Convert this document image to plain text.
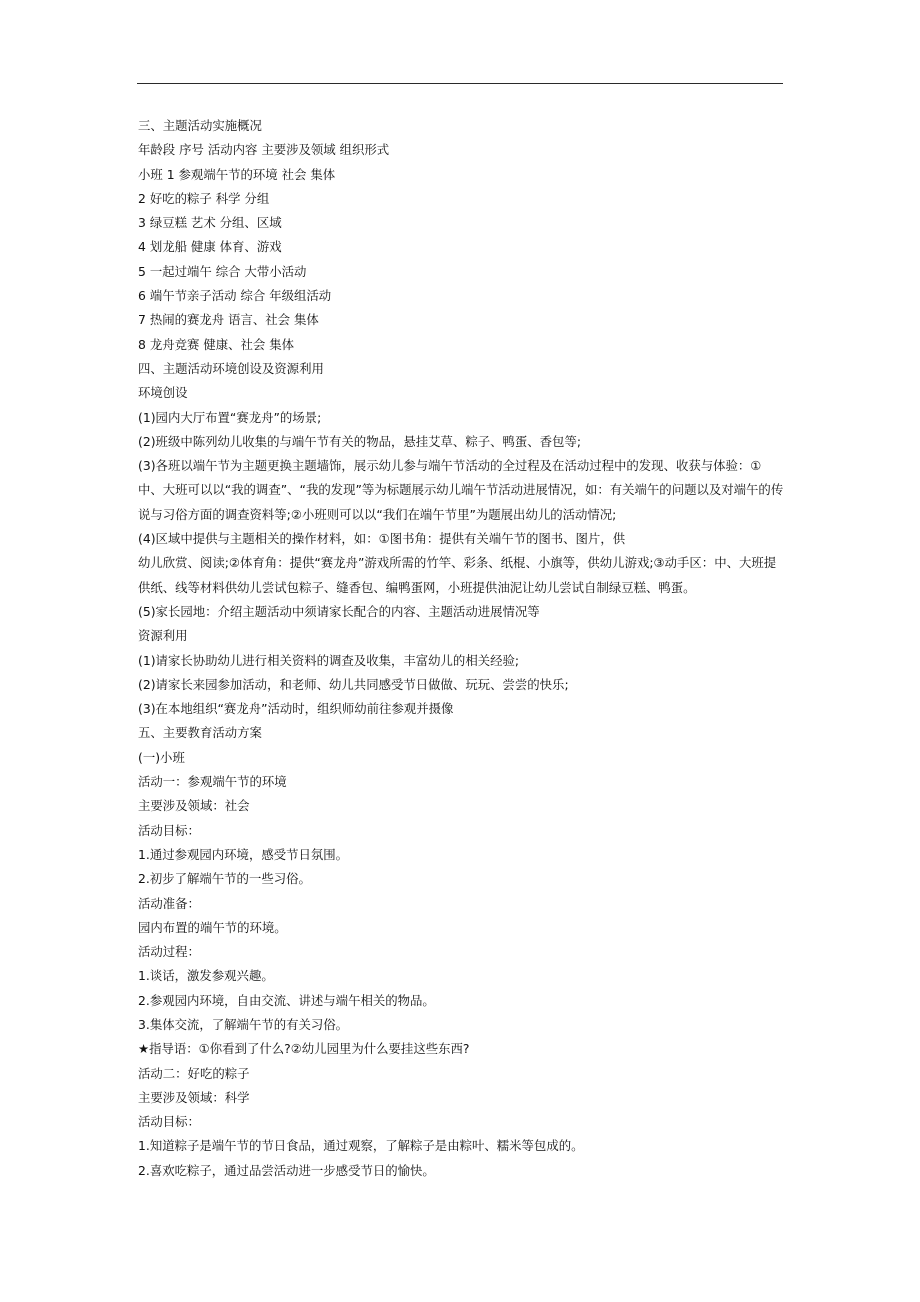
三、主题活动实施概况

年龄段 序号 活动内容 主要涉及领域 组织形式

小班 1 参观端午节的环境 社会 集体

2 好吃的粽子 科学 分组

3 绿豆糕 艺术 分组、区域

4 划龙船 健康 体育、游戏

5 一起过端午 综合 大带小活动

6 端午节亲子活动 综合 年级组活动

7 热闹的赛龙舟 语言、社会 集体

8 龙舟竞赛 健康、社会 集体

四、主题活动环境创设及资源利用

环境创设

(1)园内大厅布置“赛龙舟”的场景;

(2)班级中陈列幼儿收集的与端午节有关的物品，悬挂艾草、粽子、鸭蛋、香包等;

(3)各班以端午节为主题更换主题墙饰，展示幼儿参与端午节活动的全过程及在活动过程中的发现、收获与体验：①中、大班可以以“我的调查”、“我的发现”等为标题展示幼儿端午节活动进展情况，如：有关端午的问题以及对端午的传说与习俗方面的调查资料等;②小班则可以以“我们在端午节里”为题展出幼儿的活动情况;

(4)区域中提供与主题相关的操作材料，如：①图书角：提供有关端午节的图书、图片，供

幼儿欣赏、阅读;②体育角：提供“赛龙舟”游戏所需的竹竿、彩条、纸棍、小旗等，供幼儿游戏;③动手区：中、大班提供纸、线等材料供幼儿尝试包粽子、缝香包、编鸭蛋网，小班提供油泥让幼儿尝试自制绿豆糕、鸭蛋。

(5)家长园地：介绍主题活动中须请家长配合的内容、主题活动进展情况等

资源利用

(1)请家长协助幼儿进行相关资料的调查及收集，丰富幼儿的相关经验;

(2)请家长来园参加活动，和老师、幼儿共同感受节日做做、玩玩、尝尝的快乐;

(3)在本地组织“赛龙舟”活动时，组织师幼前往参观并摄像

五、主要教育活动方案

(一)小班

活动一：参观端午节的环境

主要涉及领域：社会

活动目标：

1.通过参观园内环境，感受节日氛围。

2.初步了解端午节的一些习俗。

活动准备：

园内布置的端午节的环境。

活动过程：

1.谈话，激发参观兴趣。

2.参观园内环境，自由交流、讲述与端午相关的物品。

3.集体交流，了解端午节的有关习俗。

★指导语：①你看到了什么?②幼儿园里为什么要挂这些东西?

活动二：好吃的粽子

主要涉及领域：科学

活动目标：

1.知道粽子是端午节的节日食品，通过观察，了解粽子是由粽叶、糯米等包成的。

2.喜欢吃粽子，通过品尝活动进一步感受节日的愉快。
